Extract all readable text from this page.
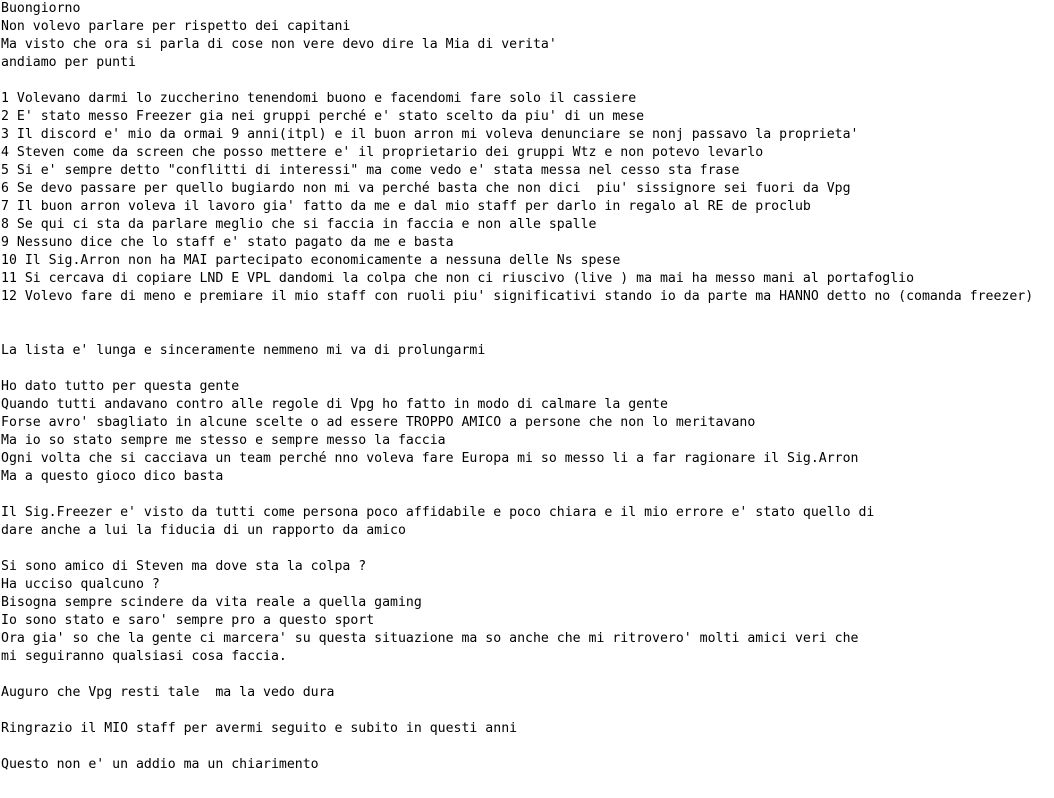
Buongiorno
Non volevo parlare per rispetto dei capitani
Ma visto che ora si parla di cose non vere devo dire la Mia di verita'
andiamo per punti
1 Volevano darmi lo zuccherino tenendomi buono e facendomi fare solo il cassiere
2 E' stato messo Freezer gia nei gruppi perché e' stato scelto da piu' di un mese
3 Il discord e' mio da ormai 9 anni(itpl) e il buon arron mi voleva denunciare se nonj passavo la proprieta'
4 Steven come da screen che posso mettere e' il proprietario dei gruppi Wtz e non potevo levarlo
5 Si e' sempre detto "conflitti di interessi" ma come vedo e' stata messa nel cesso sta frase
6 Se devo passare per quello bugiardo non mi va perché basta che non dici  piu' sissignore sei fuori da Vpg
7 Il buon arron voleva il lavoro gia' fatto da me e dal mio staff per darlo in regalo al RE de proclub
8 Se qui ci sta da parlare meglio che si faccia in faccia e non alle spalle
9 Nessuno dice che lo staff e' stato pagato da me e basta
10 Il Sig.Arron non ha MAI partecipato economicamente a nessuna delle Ns spese
11 Si cercava di copiare LND E VPL dandomi la colpa che non ci riuscivo (live ) ma mai ha messo mani al portafoglio
12 Volevo fare di meno e premiare il mio staff con ruoli piu' significativi stando io da parte ma HANNO detto no (comanda freezer)
La lista e' lunga e sinceramente nemmeno mi va di prolungarmi
Ho dato tutto per questa gente
Quando tutti andavano contro alle regole di Vpg ho fatto in modo di calmare la gente
Forse avro' sbagliato in alcune scelte o ad essere TROPPO AMICO a persone che non lo meritavano
Ma io so stato sempre me stesso e sempre messo la faccia
Ogni volta che si cacciava un team perché nno voleva fare Europa mi so messo li a far ragionare il Sig.Arron
Ma a questo gioco dico basta
Il Sig.Freezer e' visto da tutti come persona poco affidabile e poco chiara e il mio errore e' stato quello di
dare anche a lui la fiducia di un rapporto da amico
Si sono amico di Steven ma dove sta la colpa ?
Ha ucciso qualcuno ?
Bisogna sempre scindere da vita reale a quella gaming
Io sono stato e saro' sempre pro a questo sport
Ora gia' so che la gente ci marcera' su questa situazione ma so anche che mi ritrovero' molti amici veri che
mi seguiranno qualsiasi cosa faccia.
Auguro che Vpg resti tale  ma la vedo dura
Ringrazio il MIO staff per avermi seguito e subito in questi anni
Questo non e' un addio ma un chiarimento
